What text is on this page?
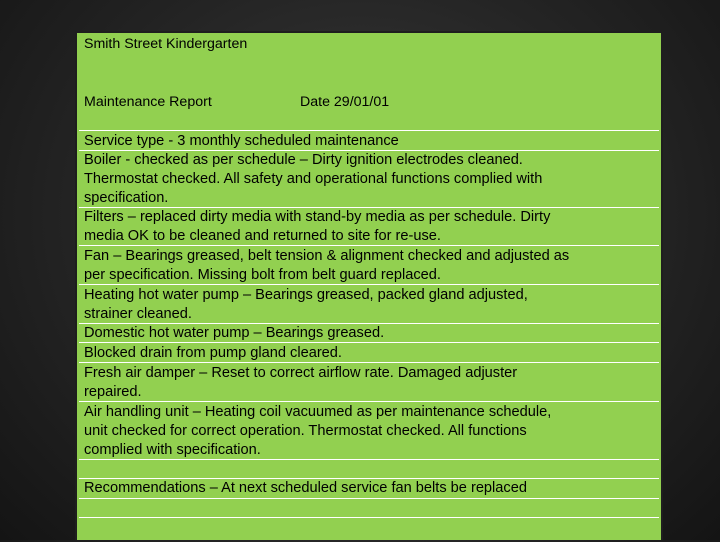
Smith Street Kindergarten
Maintenance Report	Date 29/01/01
Service type - 3 monthly scheduled maintenance
Boiler - checked as per schedule – Dirty ignition electrodes cleaned.
Thermostat checked. All safety and operational functions complied with
specification.
Filters – replaced dirty media with stand-by media as per schedule. Dirty
media OK to be cleaned and returned to site for re-use.
Fan – Bearings greased, belt tension & alignment checked and adjusted as
per specification. Missing bolt from belt guard replaced.
Heating hot water pump – Bearings greased, packed gland adjusted,
strainer cleaned.
Domestic hot water pump – Bearings greased.
Blocked drain from pump gland cleared.
Fresh air damper – Reset to correct airflow rate. Damaged adjuster
repaired.
Air handling unit – Heating coil vacuumed as per maintenance schedule,
unit checked for correct operation. Thermostat checked. All functions
complied with specification.
Recommendations – At next scheduled service fan belts be replaced
